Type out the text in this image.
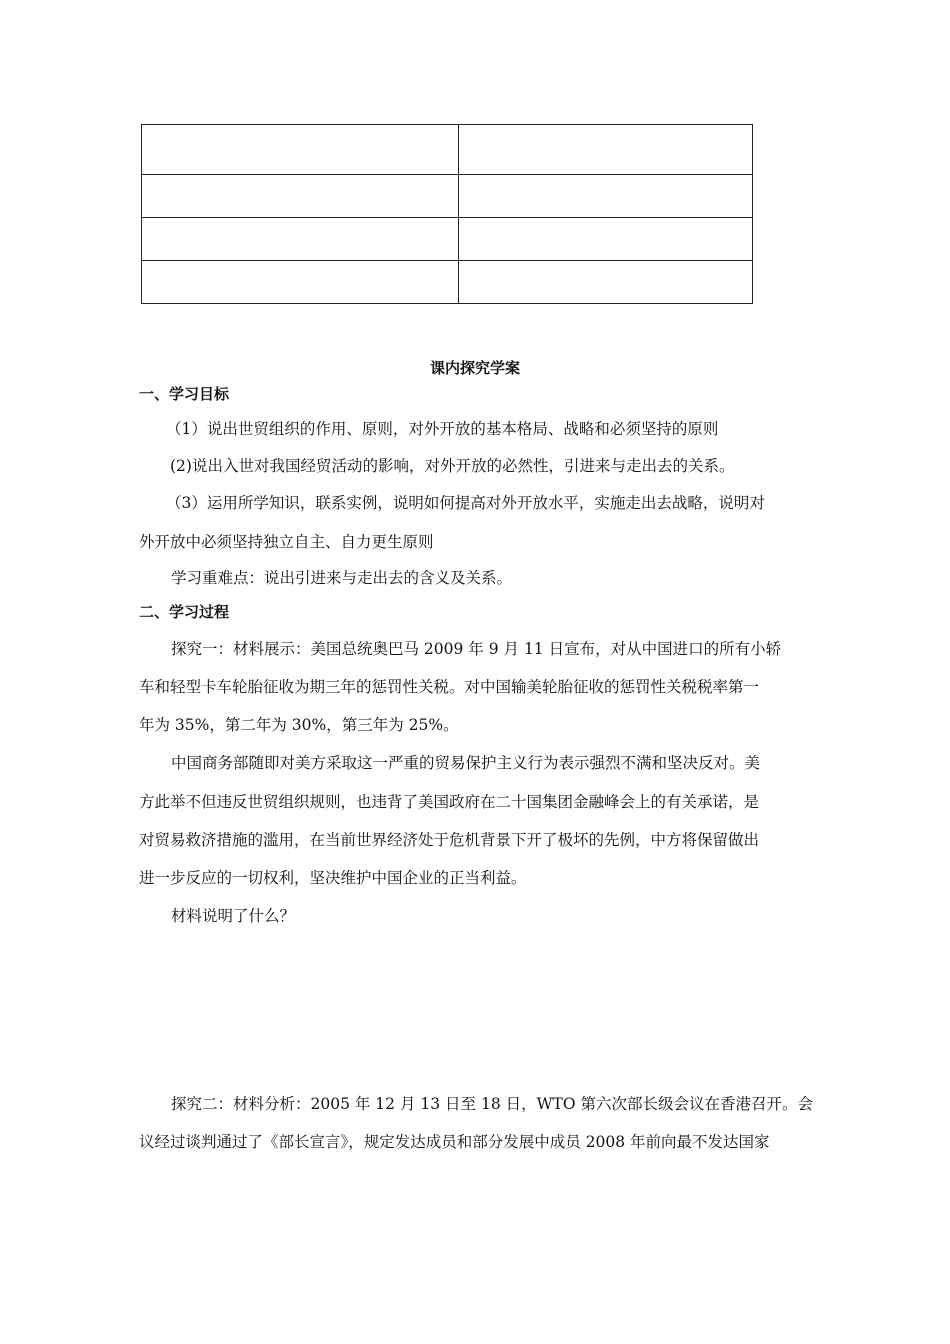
课内探究学案
一、学习目标
（1）说出世贸组织的作用、原则，对外开放的基本格局、战略和必须坚持的原则
(2)说出入世对我国经贸活动的影响，对外开放的必然性，引进来与走出去的关系。
（3）运用所学知识，联系实例，说明如何提高对外开放水平，实施走出去战略，说明对
外开放中必须坚持独立自主、自力更生原则
学习重难点：说出引进来与走出去的含义及关系。
二、学习过程
探究一：材料展示：美国总统奥巴马 2009 年 9 月 11 日宣布，对从中国进口的所有小轿
车和轻型卡车轮胎征收为期三年的惩罚性关税。对中国输美轮胎征收的惩罚性关税税率第一
年为 35%，第二年为 30%，第三年为 25%。
中国商务部随即对美方采取这一严重的贸易保护主义行为表示强烈不满和坚决反对。美
方此举不但违反世贸组织规则，也违背了美国政府在二十国集团金融峰会上的有关承诺，是
对贸易救济措施的滥用，在当前世界经济处于危机背景下开了极坏的先例，中方将保留做出
进一步反应的一切权利，坚决维护中国企业的正当利益。
材料说明了什么？
探究二：材料分析：2005 年 12 月 13 日至 18 日，WTO 第六次部长级会议在香港召开。会
议经过谈判通过了《部长宣言》，规定发达成员和部分发展中成员 2008 年前向最不发达国家
